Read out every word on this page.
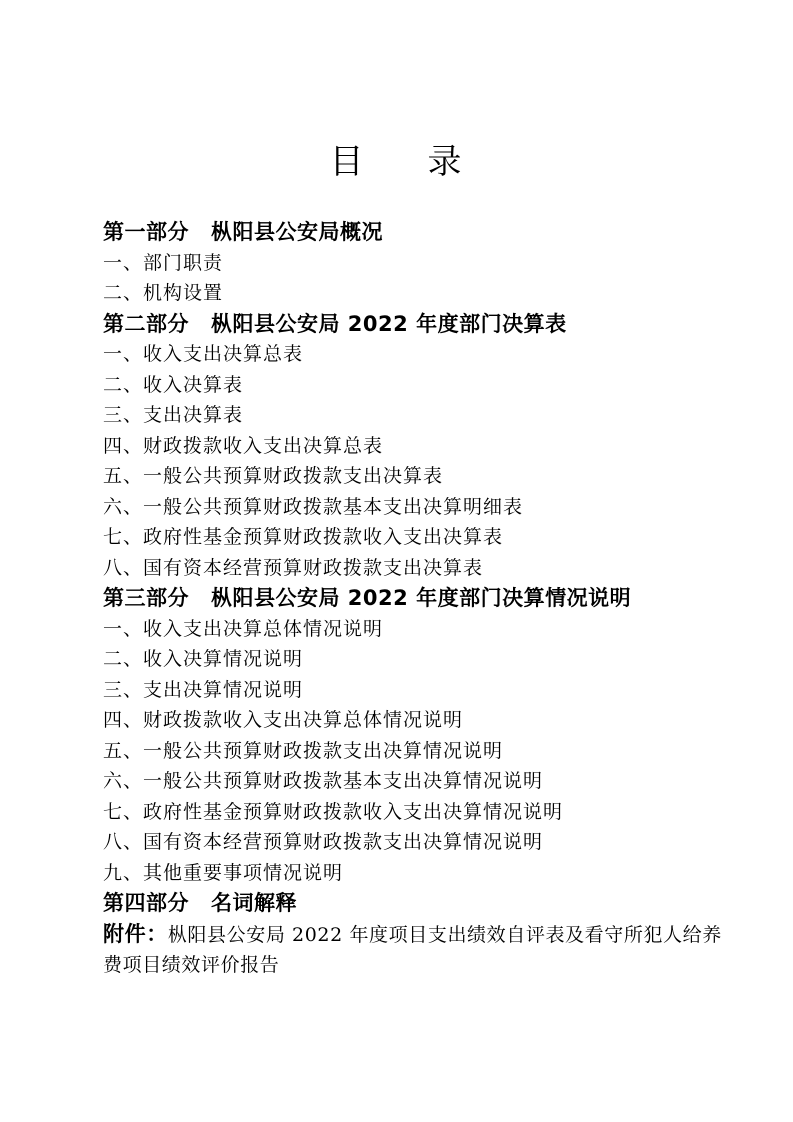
目 录
第一部分 枞阳县公安局概况
一、部门职责
二、机构设置
第二部分 枞阳县公安局 2022 年度部门决算表
一、收入支出决算总表
二、收入决算表
三、支出决算表
四、财政拨款收入支出决算总表
五、一般公共预算财政拨款支出决算表
六、一般公共预算财政拨款基本支出决算明细表
七、政府性基金预算财政拨款收入支出决算表
八、国有资本经营预算财政拨款支出决算表
第三部分 枞阳县公安局 2022 年度部门决算情况说明
一、收入支出决算总体情况说明
二、收入决算情况说明
三、支出决算情况说明
四、财政拨款收入支出决算总体情况说明
五、一般公共预算财政拨款支出决算情况说明
六、一般公共预算财政拨款基本支出决算情况说明
七、政府性基金预算财政拨款收入支出决算情况说明
八、国有资本经营预算财政拨款支出决算情况说明
九、其他重要事项情况说明
第四部分 名词解释
附件：枞阳县公安局 2022 年度项目支出绩效自评表及看守所犯人给养费项目绩效评价报告
